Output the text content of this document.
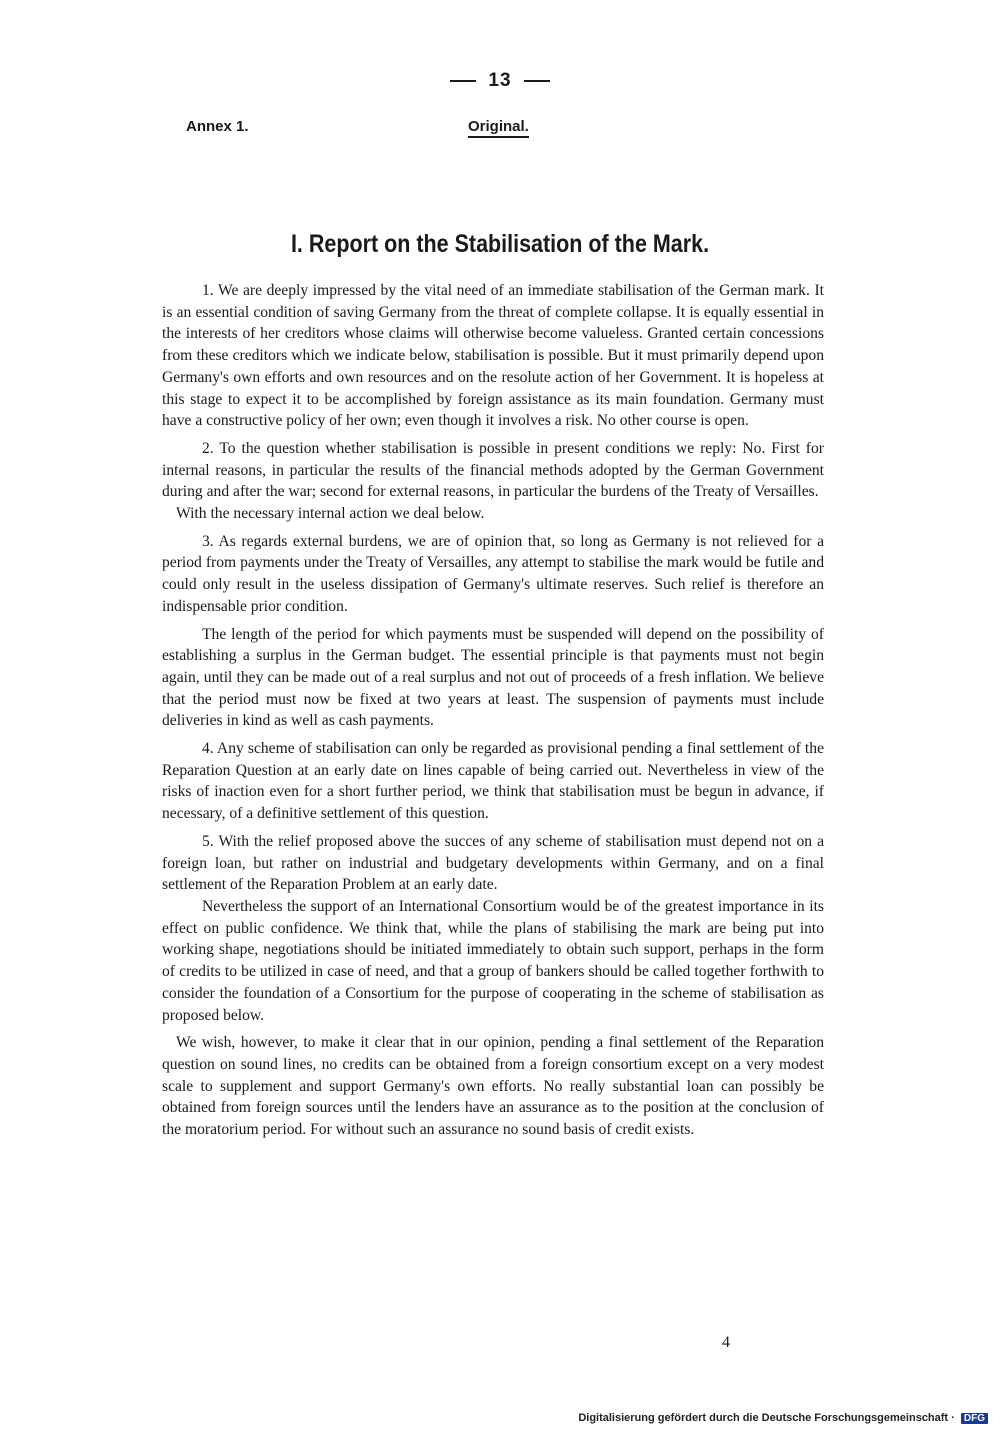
13
Annex 1.	Original.
I. Report on the Stabilisation of the Mark.

1. We are deeply impressed by the vital need of an immediate stabilisation of the German mark. It is an essential condition of saving Germany from the threat of complete collapse. It is equally essential in the interests of her creditors whose claims will otherwise become valueless. Granted certain concessions from these creditors which we indicate below, stabilisation is possible. But it must primarily depend upon Germany's own efforts and own resources and on the resolute action of her Government. It is hopeless at this stage to expect it to be accomplished by foreign assistance as its main foundation. Germany must have a constructive policy of her own; even though it involves a risk. No other course is open.

2. To the question whether stabilisation is possible in present conditions we reply: No. First for internal reasons, in particular the results of the financial methods adopted by the German Government during and after the war; second for external reasons, in particular the burdens of the Treaty of Versailles.

With the necessary internal action we deal below.

3. As regards external burdens, we are of opinion that, so long as Germany is not relieved for a period from payments under the Treaty of Versailles, any attempt to stabilise the mark would be futile and could only result in the useless dissipation of Germany's ultimate reserves. Such relief is therefore an indispensable prior condition.

The length of the period for which payments must be suspended will depend on the possibility of establishing a surplus in the German budget. The essential principle is that payments must not begin again, until they can be made out of a real surplus and not out of proceeds of a fresh inflation. We believe that the period must now be fixed at two years at least. The suspension of payments must include deliveries in kind as well as cash payments.

4. Any scheme of stabilisation can only be regarded as provisional pending a final settlement of the Reparation Question at an early date on lines capable of being carried out. Nevertheless in view of the risks of inaction even for a short further period, we think that stabilisation must be begun in advance, if necessary, of a definitive settlement of this question.

5. With the relief proposed above the succes of any scheme of stabilisation must depend not on a foreign loan, but rather on industrial and budgetary developments within Germany, and on a final settlement of the Reparation Problem at an early date.

Nevertheless the support of an International Consortium would be of the greatest importance in its effect on public confidence. We think that, while the plans of stabilising the mark are being put into working shape, negotiations should be initiated immediately to obtain such support, perhaps in the form of credits to be utilized in case of need, and that a group of bankers should be called together forthwith to consider the foundation of a Consortium for the purpose of cooperating in the scheme of stabilisation as proposed below.

We wish, however, to make it clear that in our opinion, pending a final settlement of the Reparation question on sound lines, no credits can be obtained from a foreign consortium except on a very modest scale to supplement and support Germany's own efforts. No really substantial loan can possibly be obtained from foreign sources until the lenders have an assurance as to the position at the conclusion of the moratorium period. For without such an assurance no sound basis of credit exists.

4
Digitalisierung gefördert durch die Deutsche Forschungsgemeinschaft · DFG
